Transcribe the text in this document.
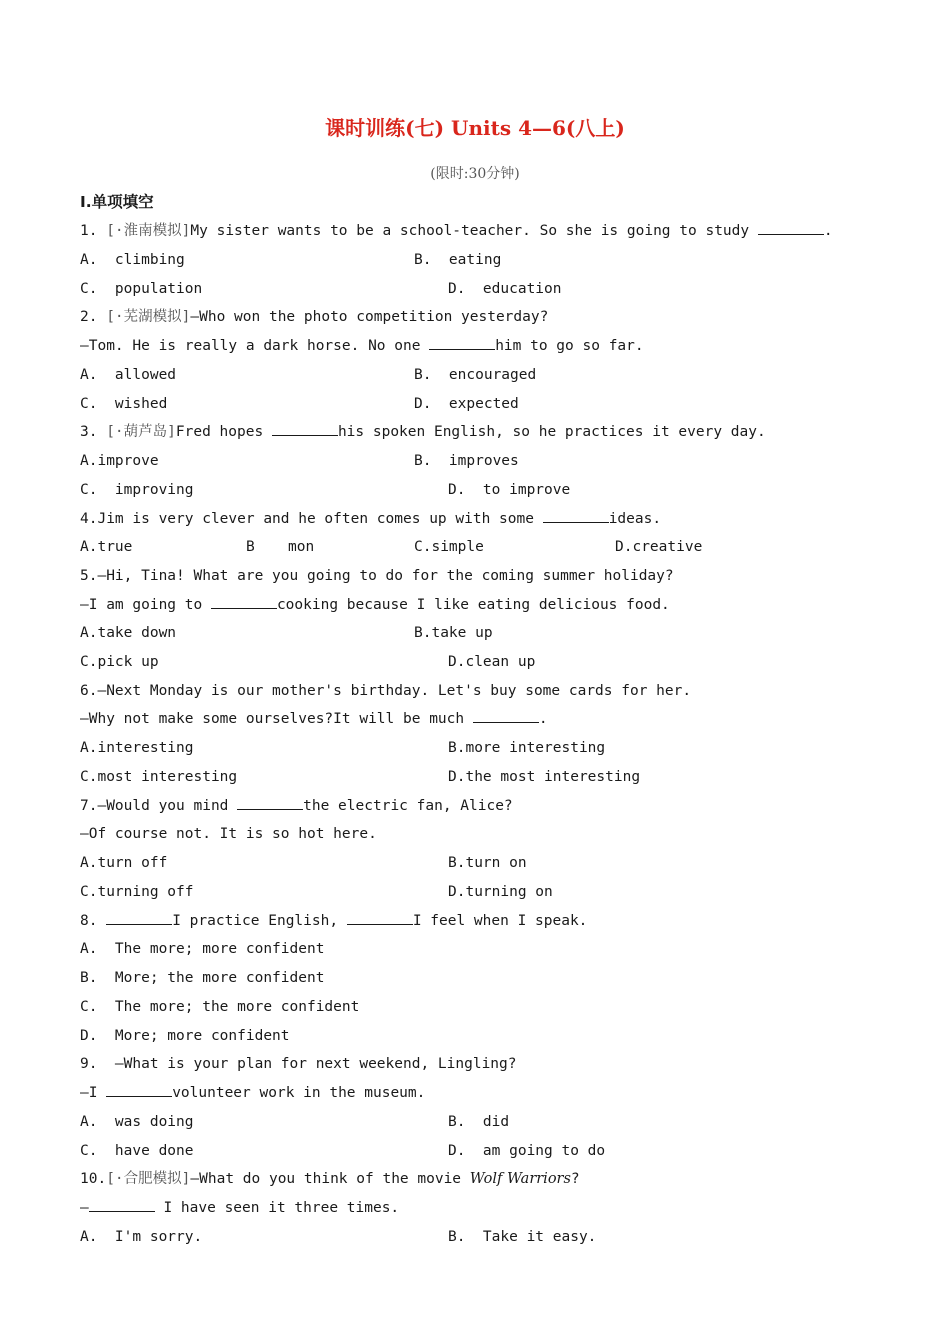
课时训练(七) Units 4—6(八上)
(限时:30分钟)
Ⅰ.单项填空
1. [·淮南模拟]My sister wants to be a school-teacher. So she is going to study	.
A.  climbing	B.  eating
C.  population	D.  education
2. [·芜湖模拟]—Who won the photo competition yesterday?
—Tom. He is really a dark horse. No one	him to go so far.
A.  allowed	B.  encouraged
C.  wished	D.  expected
3. [·葫芦岛]Fred hopes	his spoken English, so he practices it every day.
A.improve	B.  improves
C.  improving	D.  to improve
4.Jim is very clever and he often comes up with some	ideas.
A.true	B mon	C.simple	D.creative
5.—Hi, Tina! What are you going to do for the coming summer holiday?
—I am going to	cooking because I like eating delicious food.
A.take down	B.take up
C.pick up	D.clean up
6.—Next Monday is our mother's birthday. Let's buy some cards for her.
—Why not make some ourselves?It will be much	.
A.interesting	B.more interesting
C.most interesting	D.the most interesting
7.—Would you mind	the electric fan, Alice?
—Of course not. It is so hot here.
A.turn off	B.turn on
C.turning off	D.turning on
8.	I practice English,	I feel when I speak.
A.  The more; more confident
B.  More; the more confident
C.  The more; the more confident
D.  More; more confident
9.  —What is your plan for next weekend, Lingling?
—I	volunteer work in the museum.
A.  was doing	B.  did
C.  have done	D.  am going to do
10.[·合肥模拟]—What do you think of the movie Wolf Warriors?
—	I have seen it three times.
A.  I'm sorry.	B.  Take it easy.
